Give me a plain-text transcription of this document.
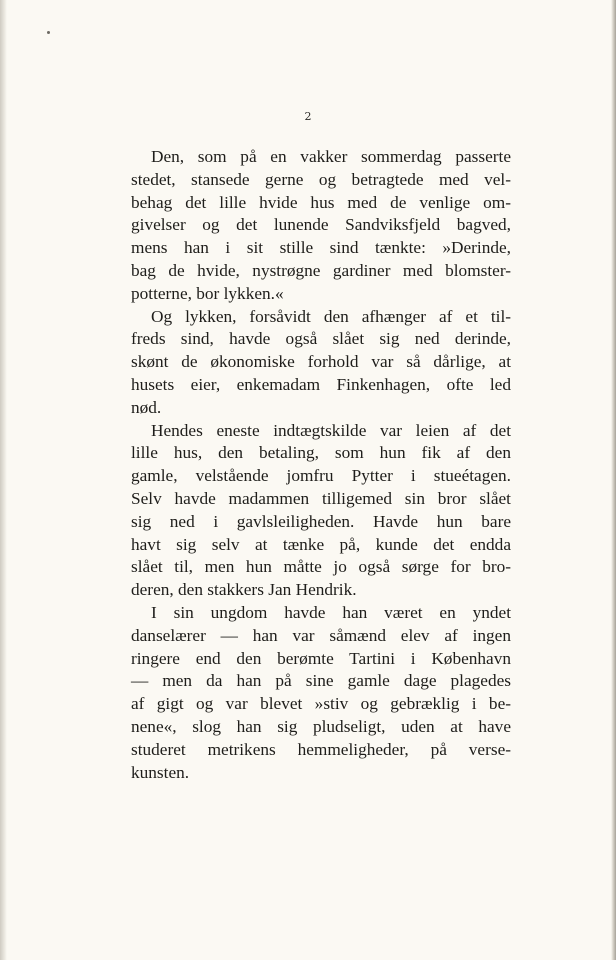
2

Den, som på en vakker sommerdag passerte
stedet, stansede gerne og betragtede med vel-
behag det lille hvide hus med de venlige om-
givelser og det lunende Sandviksfjeld bagved,
mens han i sit stille sind tænkte: »Derinde,
bag de hvide, nystrøgne gardiner med blomster-
potterne, bor lykken.«
Og lykken, forsåvidt den afhænger af et til-
freds sind, havde også slået sig ned derinde,
skønt de økonomiske forhold var så dårlige, at
husets eier, enkemadam Finkenhagen, ofte led
nød.
Hendes eneste indtægtskilde var leien af det
lille hus, den betaling, som hun fik af den
gamle, velstående jomfru Pytter i stueétagen.
Selv havde madammen tilligemed sin bror slået
sig ned i gavlsleiligheden. Havde hun bare
havt sig selv at tænke på, kunde det endda
slået til, men hun måtte jo også sørge for bro-
deren, den stakkers Jan Hendrik.
I sin ungdom havde han været en yndet
danselærer — han var såmænd elev af ingen
ringere end den berømte Tartini i København
— men da han på sine gamle dage plagedes
af gigt og var blevet »stiv og gebrækli​g i be-
nene«, slog han sig pludseligt, uden at have
studeret metrikens hemmeligheder, på verse-
kunsten.
